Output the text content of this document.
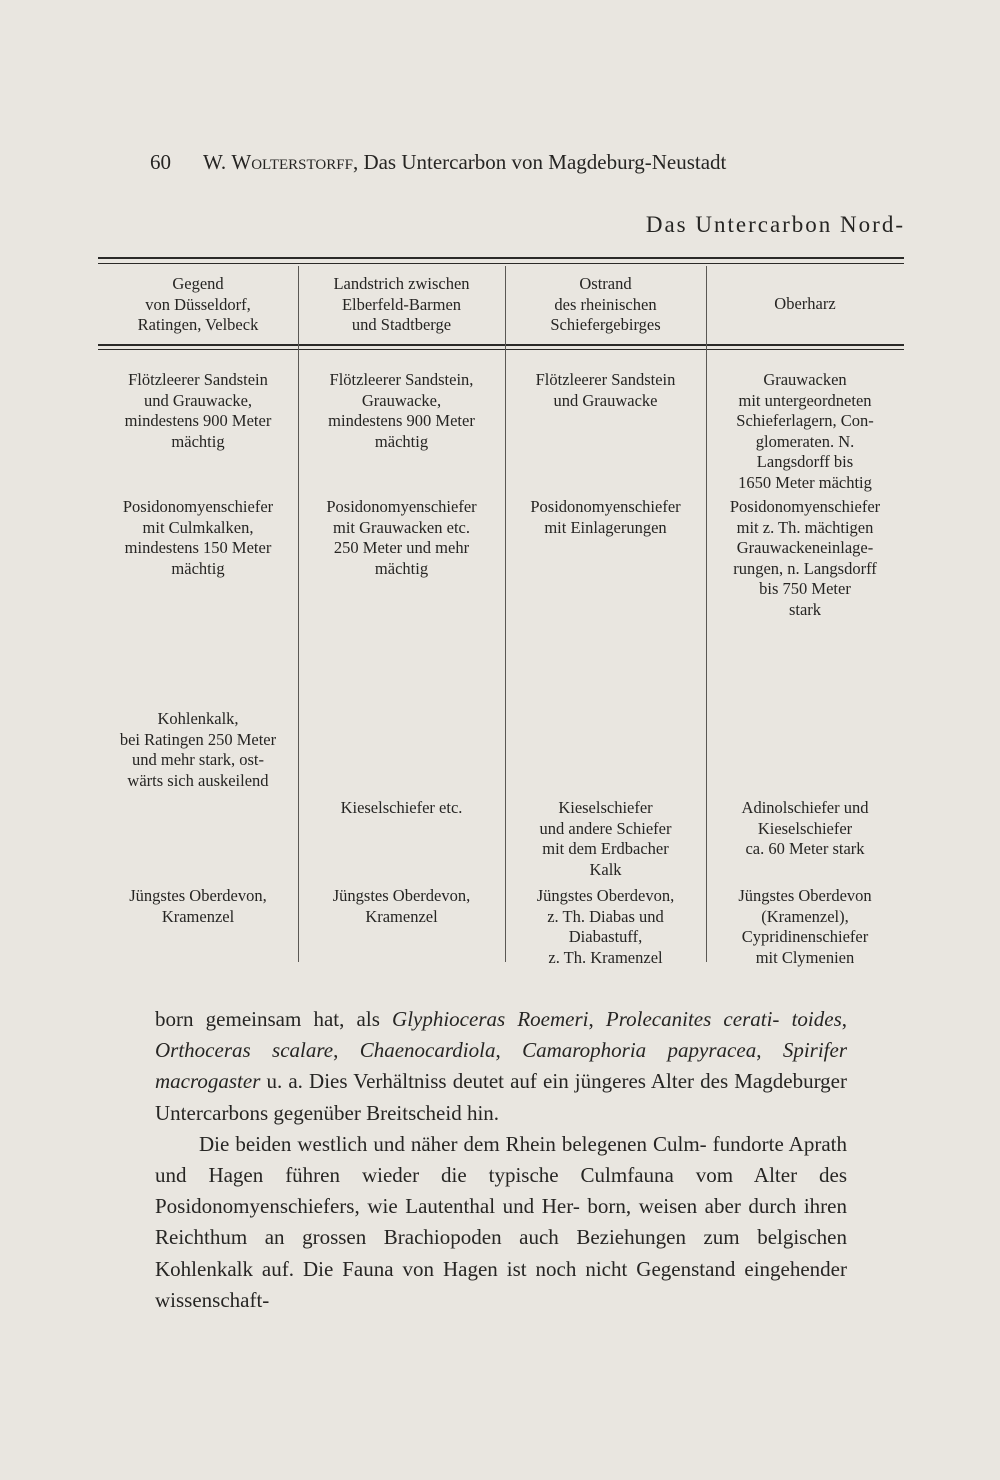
60 W. Wolterstorff, Das Untercarbon von Magdeburg-Neustadt
Das Untercarbon Nord-
Gegend
von Düsseldorf,
Ratingen, Velbeck
Landstrich zwischen
Elberfeld-Barmen
und Stadtberge
Ostrand
des rheinischen
Schiefergebirges
Oberharz
Flötzleerer Sandstein
und Grauwacke,
mindestens 900 Meter
mächtig
Flötzleerer Sandstein,
Grauwacke,
mindestens 900 Meter
mächtig
Flötzleerer Sandstein
und Grauwacke
Grauwacken
mit untergeordneten
Schieferlagern, Con-
glomeraten. N.
Langsdorff bis
1650 Meter mächtig
Posidonomyenschiefer
mit Culmkalken,
mindestens 150 Meter
mächtig
Posidonomyenschiefer
mit Grauwacken etc.
250 Meter und mehr
mächtig
Posidonomyenschiefer
mit Einlagerungen
Posidonomyenschiefer
mit z. Th. mächtigen
Grauwackeneinlage-
rungen, n. Langsdorff
bis 750 Meter
stark
Kohlenkalk,
bei Ratingen 250 Meter
und mehr stark, ost-
wärts sich auskeilend
Kieselschiefer etc.	Kieselschiefer
und andere Schiefer
mit dem Erdbacher
Kalk
Adinolschiefer und
Kieselschiefer
ca. 60 Meter stark
Jüngstes Oberdevon,
Kramenzel
Jüngstes Oberdevon,
Kramenzel
Jüngstes Oberdevon,
z. Th. Diabas und
Diabastuff,
z. Th. Kramenzel
Jüngstes Oberdevon
(Kramenzel),
Cypridinenschiefer
mit Clymenien

born gemeinsam hat, als Glyphioceras Roemeri, Prolecanites cerati- toides, Orthoceras scalare, Chaenocardiola, Camarophoria papyracea, Spirifer macrogaster u. a. Dies Verhältniss deutet auf ein jüngeres Alter des Magdeburger Untercarbons gegenüber Breitscheid hin.

Die beiden westlich und näher dem Rhein belegenen Culm- fundorte Aprath und Hagen führen wieder die typische Culmfauna vom Alter des Posidonomyenschiefers, wie Lautenthal und Her- born, weisen aber durch ihren Reichthum an grossen Brachiopoden auch Beziehungen zum belgischen Kohlenkalk auf. Die Fauna von Hagen ist noch nicht Gegenstand eingehender wissenschaft-
